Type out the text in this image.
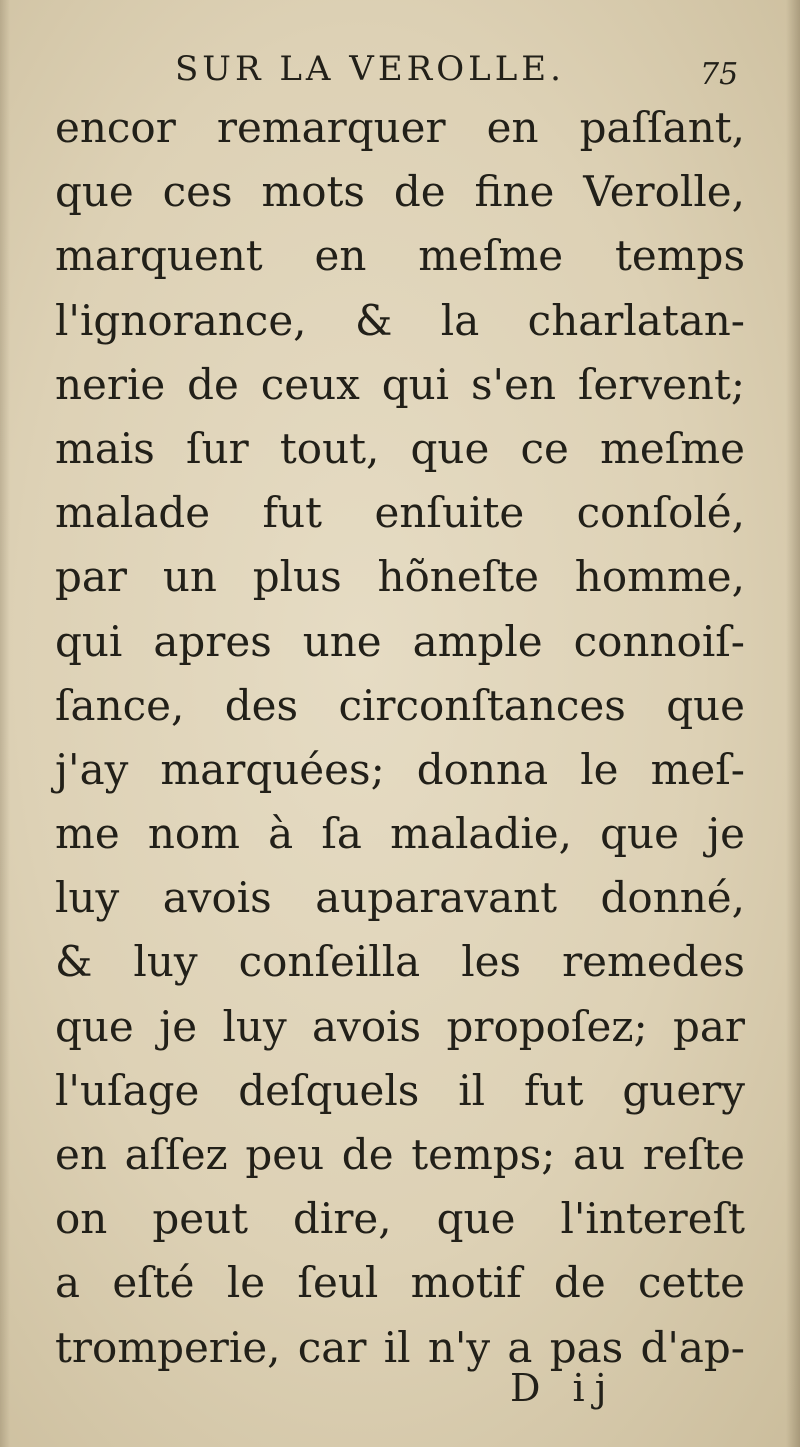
SUR LA VEROLLE.	75
encor remarquer en paſſant,
que ces mots de fine Verolle,
marquent en meſme temps
l'ignorance, & la charlatan-
nerie de ceux qui s'en ſervent;
mais ſur tout, que ce meſme
malade fut enſuite conſolé,
par un plus hõneſte homme,
qui apres une ample connoiſ-
ſance, des circonſtances que
j'ay marquées; donna le meſ-
me nom à ſa maladie, que je
luy avois auparavant donné,
& luy conſeilla les remedes
que je luy avois propoſez; par
l'uſage deſquels il fut guery
en aſſez peu de temps; au reſte
on peut dire, que l'intereſt
a eſté le ſeul motif de cette
tromperie, car il n'y a pas d'ap-
D ij
